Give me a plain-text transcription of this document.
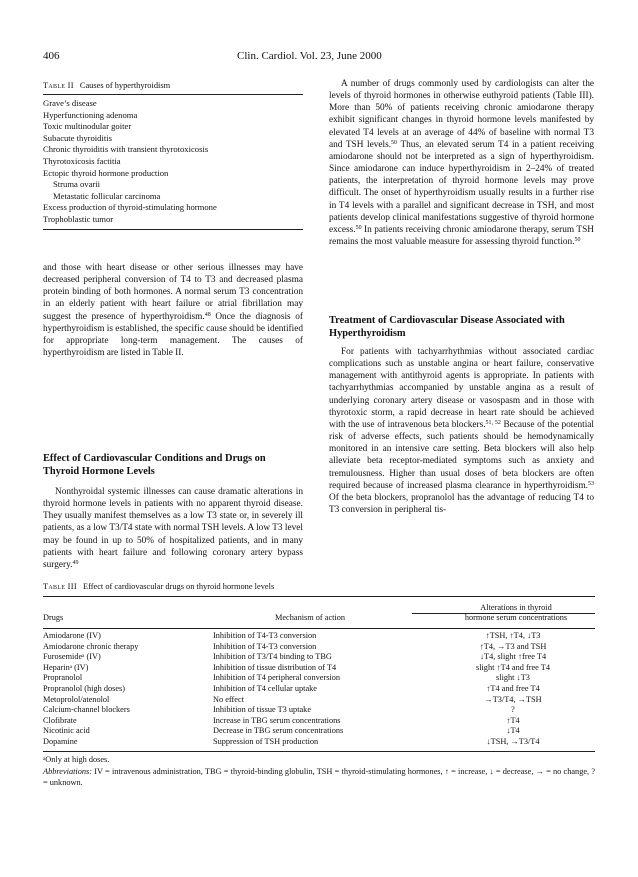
406	Clin. Cardiol. Vol. 23, June 2000
Table II Causes of hyperthyroidism
Grave’s disease
Hyperfunctioning adenoma
Toxic multinodular goiter
Subacute thyroiditis
Chronic thyroiditis with transient thyrotoxicosis
Thyrotoxicosis factitia
Ectopic thyroid hormone production
Struma ovarii
Metastatic follicular carcinoma
Excess production of thyroid-stimulating hormone
Trophoblastic tumor

and those with heart disease or other serious illnesses may have decreased peripheral conversion of T4 to T3 and decreased plasma protein binding of both hormones. A normal serum T3 concentration in an elderly patient with heart failure or atrial fibrillation may suggest the presence of hyperthyroidism.$^{48}$ Once the diagnosis of hyperthyroidism is established, the specific cause should be identified for appropriate long-term management. The causes of hyperthyroidism are listed in Table II.

Effect of Cardiovascular Conditions and Drugs on Thyroid Hormone Levels

Nonthyroidal systemic illnesses can cause dramatic alterations in thyroid hormone levels in patients with no apparent thyroid disease. They usually manifest themselves as a low T3 state or, in severely ill patients, as a low T3/T4 state with normal TSH levels. A low T3 level may be found in up to 50% of hospitalized patients, and in many patients with heart failure and following coronary artery bypass surgery.$^{49}$

A number of drugs commonly used by cardiologists can alter the levels of thyroid hormones in otherwise euthyroid patients (Table III). More than 50% of patients receiving chronic amiodarone therapy exhibit significant changes in thyroid hormone levels manifested by elevated T4 levels at an average of 44% of baseline with normal T3 and TSH levels.$^{50}$ Thus, an elevated serum T4 in a patient receiving amiodarone should not be interpreted as a sign of hyperthyroidism. Since amiodarone can induce hyperthyroidism in 2–24% of treated patients, the interpretation of thyroid hormone levels may prove difficult. The onset of hyperthyroidism usually results in a further rise in T4 levels with a parallel and significant decrease in TSH, and most patients develop clinical manifestations suggestive of thyroid hormone excess.$^{50}$ In patients receiving chronic amiodarone therapy, serum TSH remains the most valuable measure for assessing thyroid function.$^{50}$

Treatment of Cardiovascular Disease Associated with Hyperthyroidism

For patients with tachyarrhythmias without associated cardiac complications such as unstable angina or heart failure, conservative management with antithyroid agents is appropriate. In patients with tachyarrhythmias accompanied by unstable angina as a result of underlying coronary artery disease or vasospasm and in those with thyrotoxic storm, a rapid decrease in heart rate should be achieved with the use of intravenous beta blockers.$^{51, 52}$ Because of the potential risk of adverse effects, such patients should be hemodynamically monitored in an intensive care setting. Beta blockers will also help alleviate beta receptor-mediated symptoms such as anxiety and tremulousness. Higher than usual doses of beta blockers are often required because of increased plasma clearance in hyperthyroidism.$^{53}$ Of the beta blockers, propranolol has the advantage of reducing T4 to T3 conversion in peripheral tis-

Table III Effect of cardiovascular drugs on thyroid hormone levels
Drugs	Mechanism of action
Alterations in thyroid
hormone serum concentrations
Amiodarone (IV)	Inhibition of T4-T3 conversion	↑TSH, ↑T4, ↓T3
Amiodarone chronic therapy	Inhibition of T4-T3 conversion	↑T4, →T3 and TSH
Furosemideᵃ (IV)	Inhibition of T3/T4 binding to TBG	↓T4, slight ↑free T4
Heparinᵃ (IV)	Inhibition of tissue distribution of T4	slight ↑T4 and free T4
Propranolol	Inhibition of T4 peripheral conversion	slight ↓T3
Propranolol (high doses)	Inhibition of T4 cellular uptake	↑T4 and free T4
Metoprolol/atenolol	No effect	→T3/T4, →TSH
Calcium-channel blockers	Inhibition of tissue T3 uptake	?
Clofibrate	Increase in TBG serum concentrations	↑T4
Nicotinic acid	Decrease in TBG serum concentrations	↓T4
Dopamine	Suppression of TSH production	↓TSH, →T3/T4
ᵃOnly at high doses.
Abbreviations: IV = intravenous administration, TBG = thyroid-binding globulin, TSH = thyroid-stimulating hormones, ↑ = increase, ↓ = decrease, → = no change, ? = unknown.
